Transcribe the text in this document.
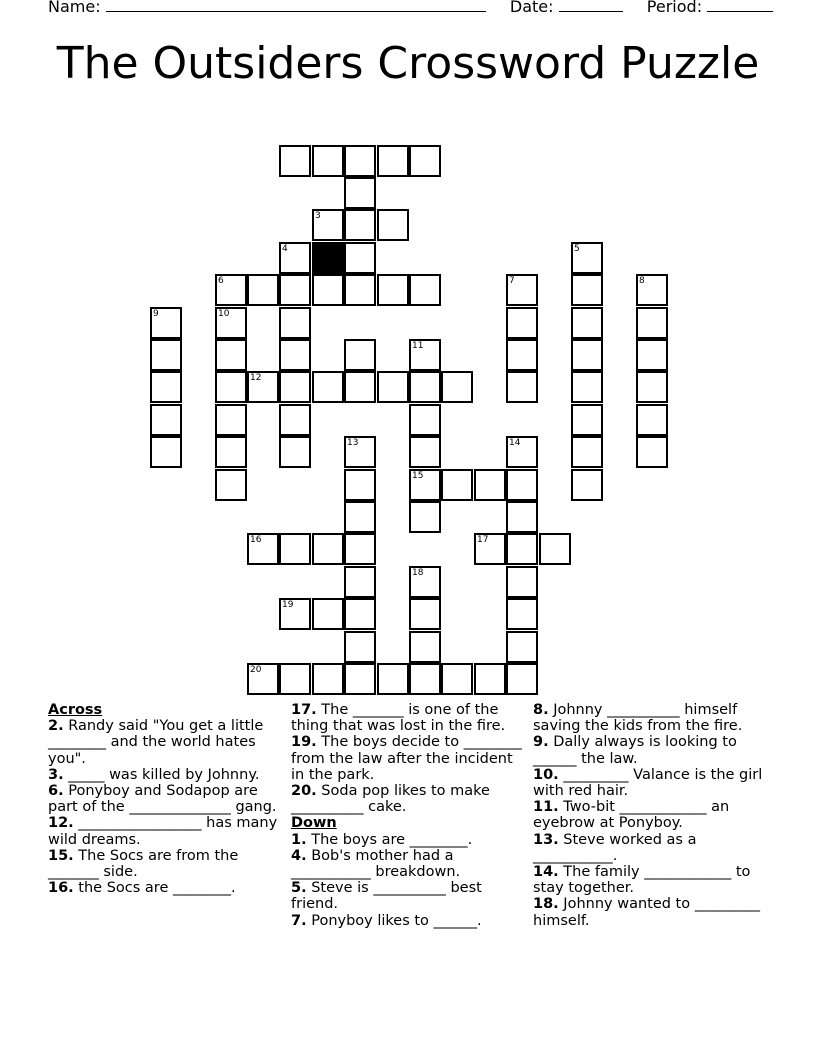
Name:	Date:	Period:
The Outsiders Crossword Puzzle
3
4	5
6	7	8
9	10
11
12
13	14
15
16	17
18
19
20

Across

2. Randy said "You get a little ________ and the world hates you".

3. _____ was killed by Johnny.

6. Ponyboy and Sodapop are part of the ______________ gang.

12. _________________ has many wild dreams.

15. The Socs are from the _______ side.

16. the Socs are ________.

17. The _______ is one of the thing that was lost in the fire.

19. The boys decide to ________ from the law after the incident in the park.

20. Soda pop likes to make __________ cake.

Down

1. The boys are ________.

4. Bob's mother had a ___________ breakdown.

5. Steve is __________ best friend.

7. Ponyboy likes to ______.

8. Johnny __________ himself saving the kids from the fire.

9. Dally always is looking to ______ the law.

10. _________ Valance is the girl with red hair.

11. Two-bit ____________ an eyebrow at Ponyboy.

13. Steve worked as a ___________.

14. The family ____________ to stay together.

18. Johnny wanted to _________ himself.
